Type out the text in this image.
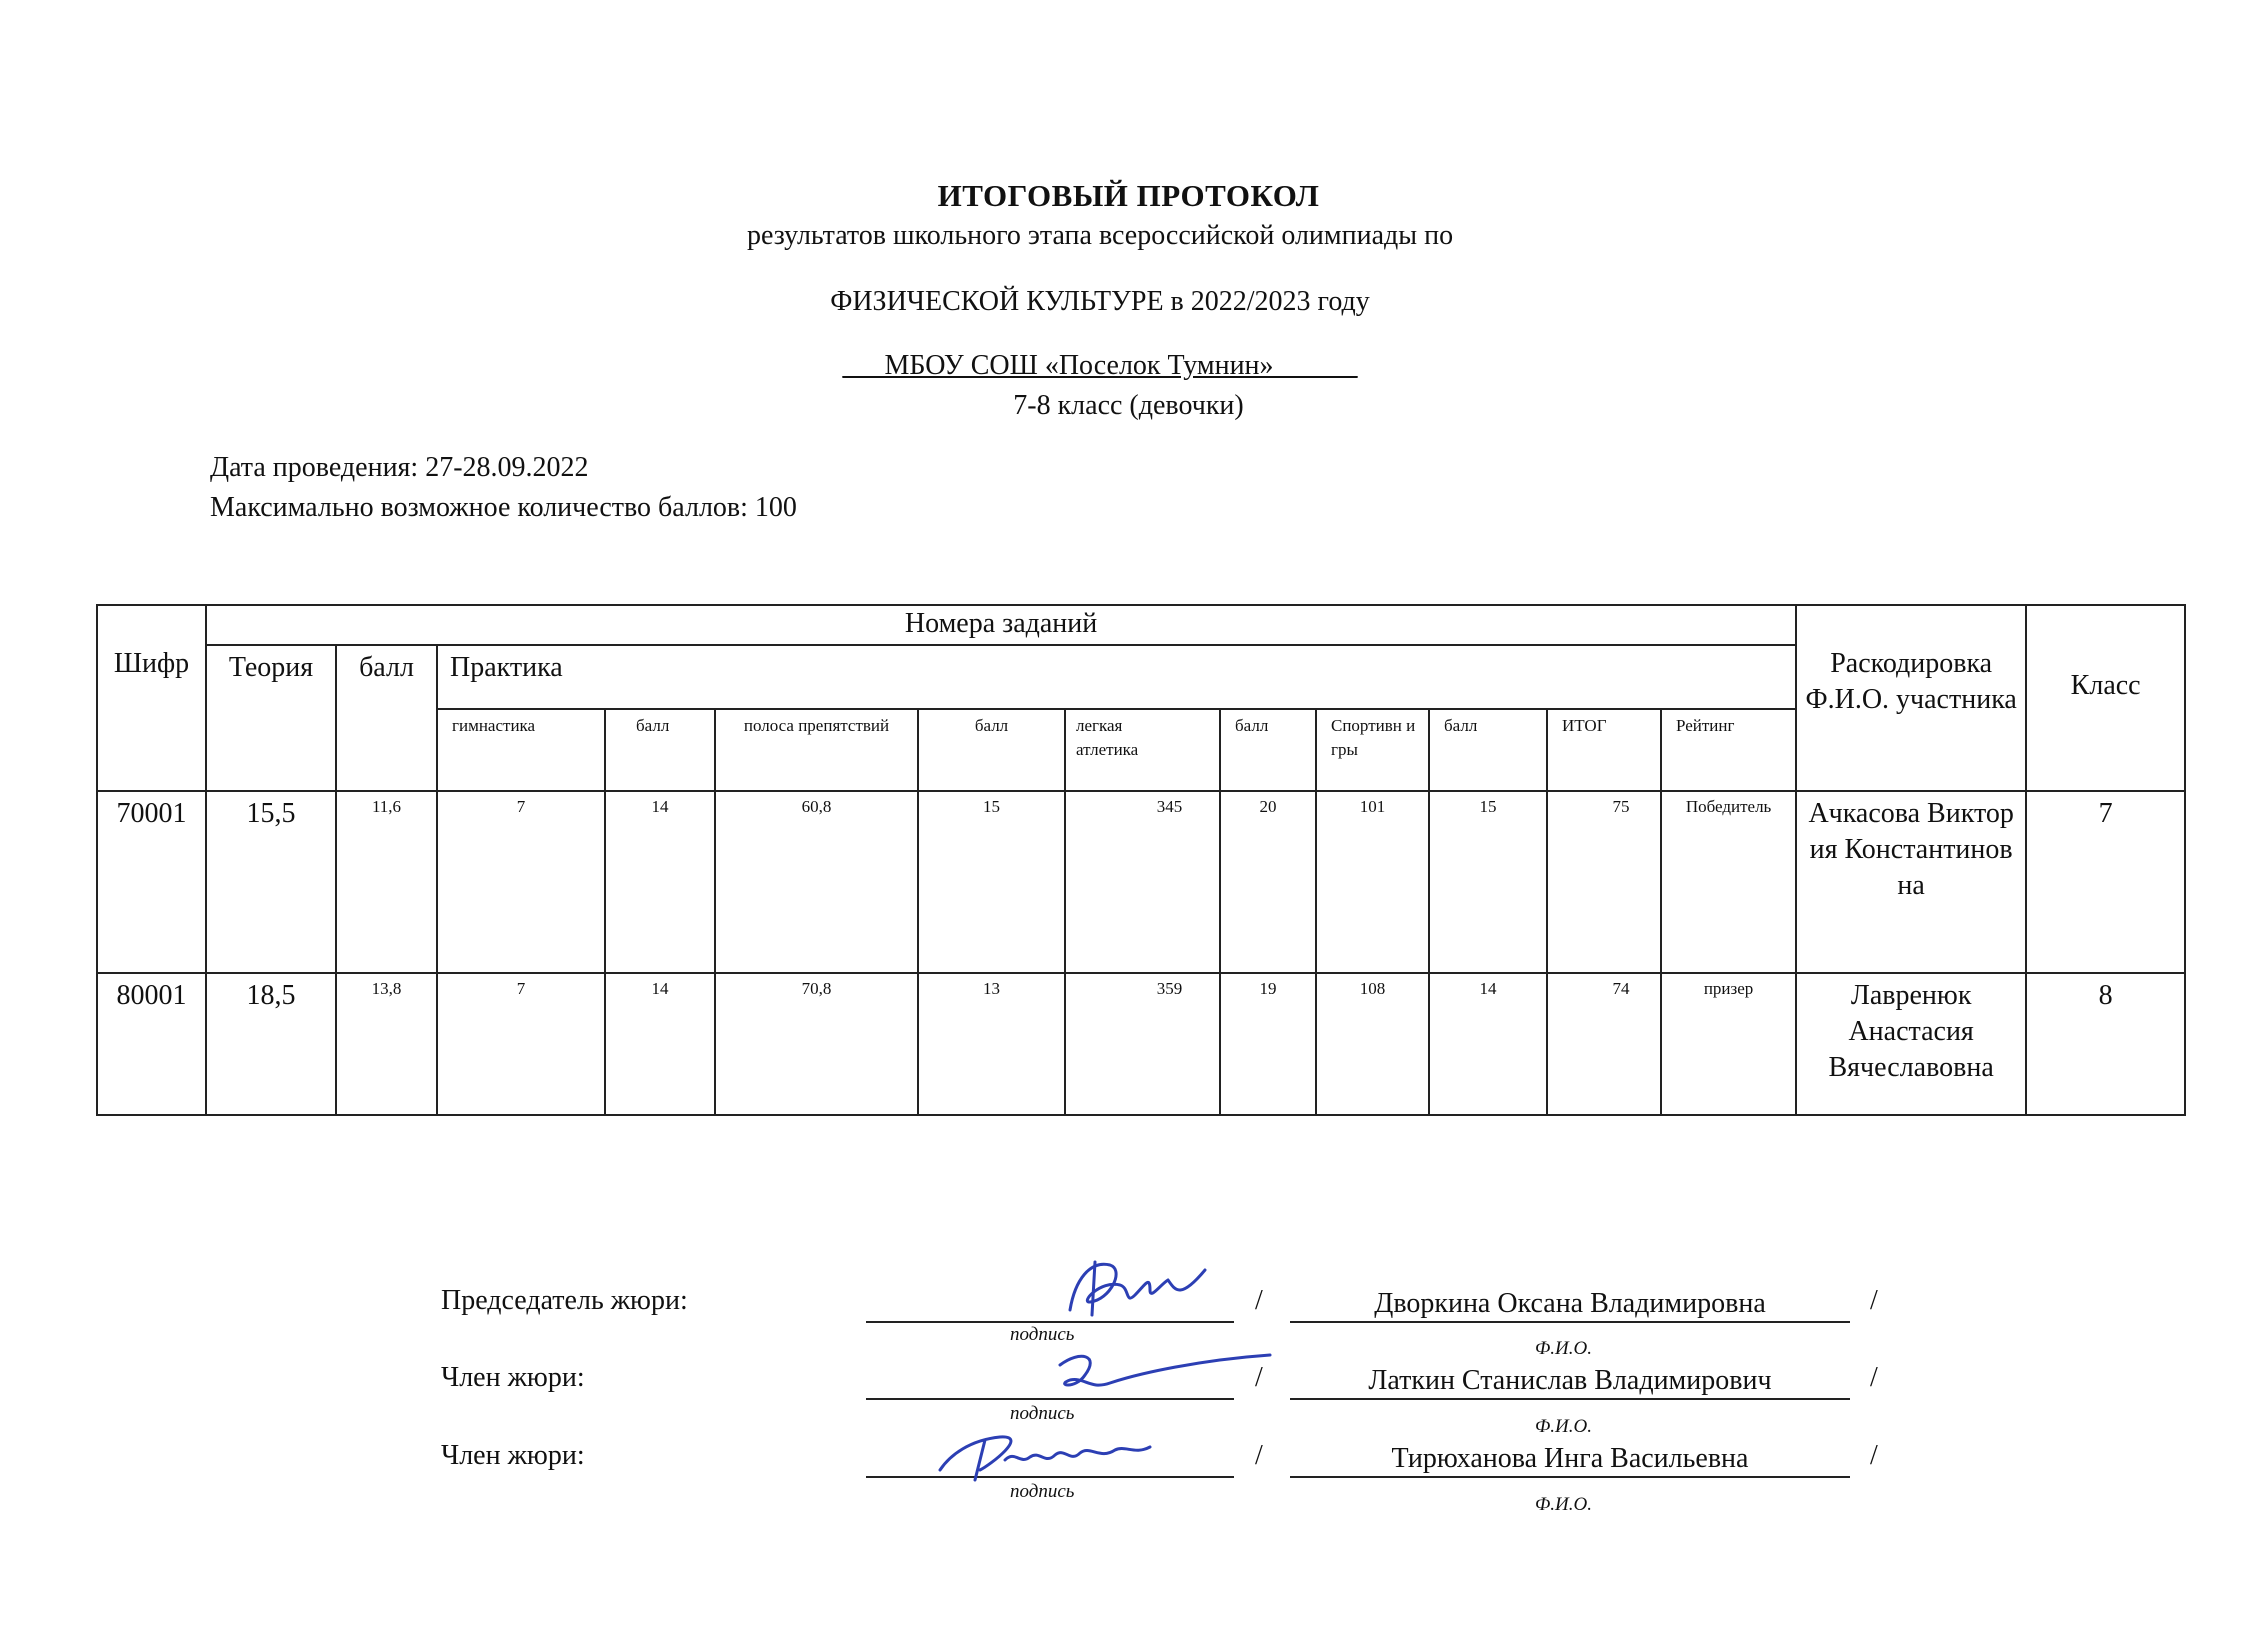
ИТОГОВЫЙ ПРОТОКОЛ
результатов школьного этапа всероссийской олимпиады по
ФИЗИЧЕСКОЙ КУЛЬТУРЕ в 2022/2023 году
___МБОУ СОШ «Поселок Тумнин»______
7-8 класс (девочки)
Дата проведения: 27-28.09.2022
Максимально возможное количество баллов: 100
Шифр	Номера заданий												Раскодировка Ф.И.О. участника	Класс
	Теория	балл	Практика											
			гимнастика	балл	полоса препятствий	балл	легкая атлетика	балл	Спортивн игры	балл	ИТОГ	Рейтинг		
70001	15,5	11,6	7	14	60,8	15	345	20	101	15	75	Победитель	Ачкасова Виктория Константиновна	7
80001	18,5	13,8	7	14	70,8	13	359	19	108	14	74	призер	Лавренюк Анастасия Вячеславовна	8
Председатель жюри:
подпись
/	Дворкина Оксана Владимировна	/
Ф.И.О.
Член жюри:
подпись
/	Латкин Станислав Владимирович	/
Ф.И.О.
Член жюри:
подпись
/	Тирюханова Инга Васильевна	/
Ф.И.О.
